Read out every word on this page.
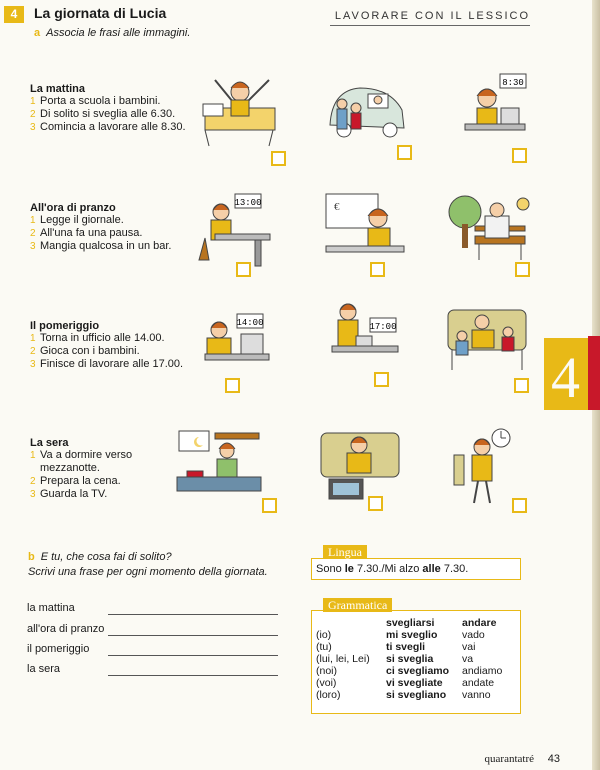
4
4	La giornata di Lucia	LAVORARE CON IL LESSICO
a Associa le frasi alle immagini.
La mattina
1 Porta a scuola i bambini.
2 Di solito si sveglia alle 6.30.
3 Comincia a lavorare alle 8.30.
All'ora di pranzo
1 Legge il giornale.
2 All'una fa una pausa.
3 Mangia qualcosa in un bar.
Il pomeriggio
1 Torna in ufficio alle 14.00.
2 Gioca con i bambini.
3 Finisce di lavorare alle 17.00.
La sera
1 Va a dormire verso mezzanotte.
2 Prepara la cena.
3 Guarda la TV.
8:30
13:00	€
14:00	17:00
b E tu, che cosa fai di solito?
Scrivi una frase per ogni momento della giornata.
la mattina
all'ora di pranzo
il pomeriggio
la sera
Lingua
Sono le 7.30./Mi alzo alle 7.30.
Grammatica
	svegliarsi	andare
(io)	mi sveglio	vado
(tu)	ti svegli	vai
(lui, lei, Lei)	si sveglia	va
(noi)	ci svegliamo	andiamo
(voi)	vi svegliate	andate
(loro)	si svegliano	vanno
quarantatré 43
